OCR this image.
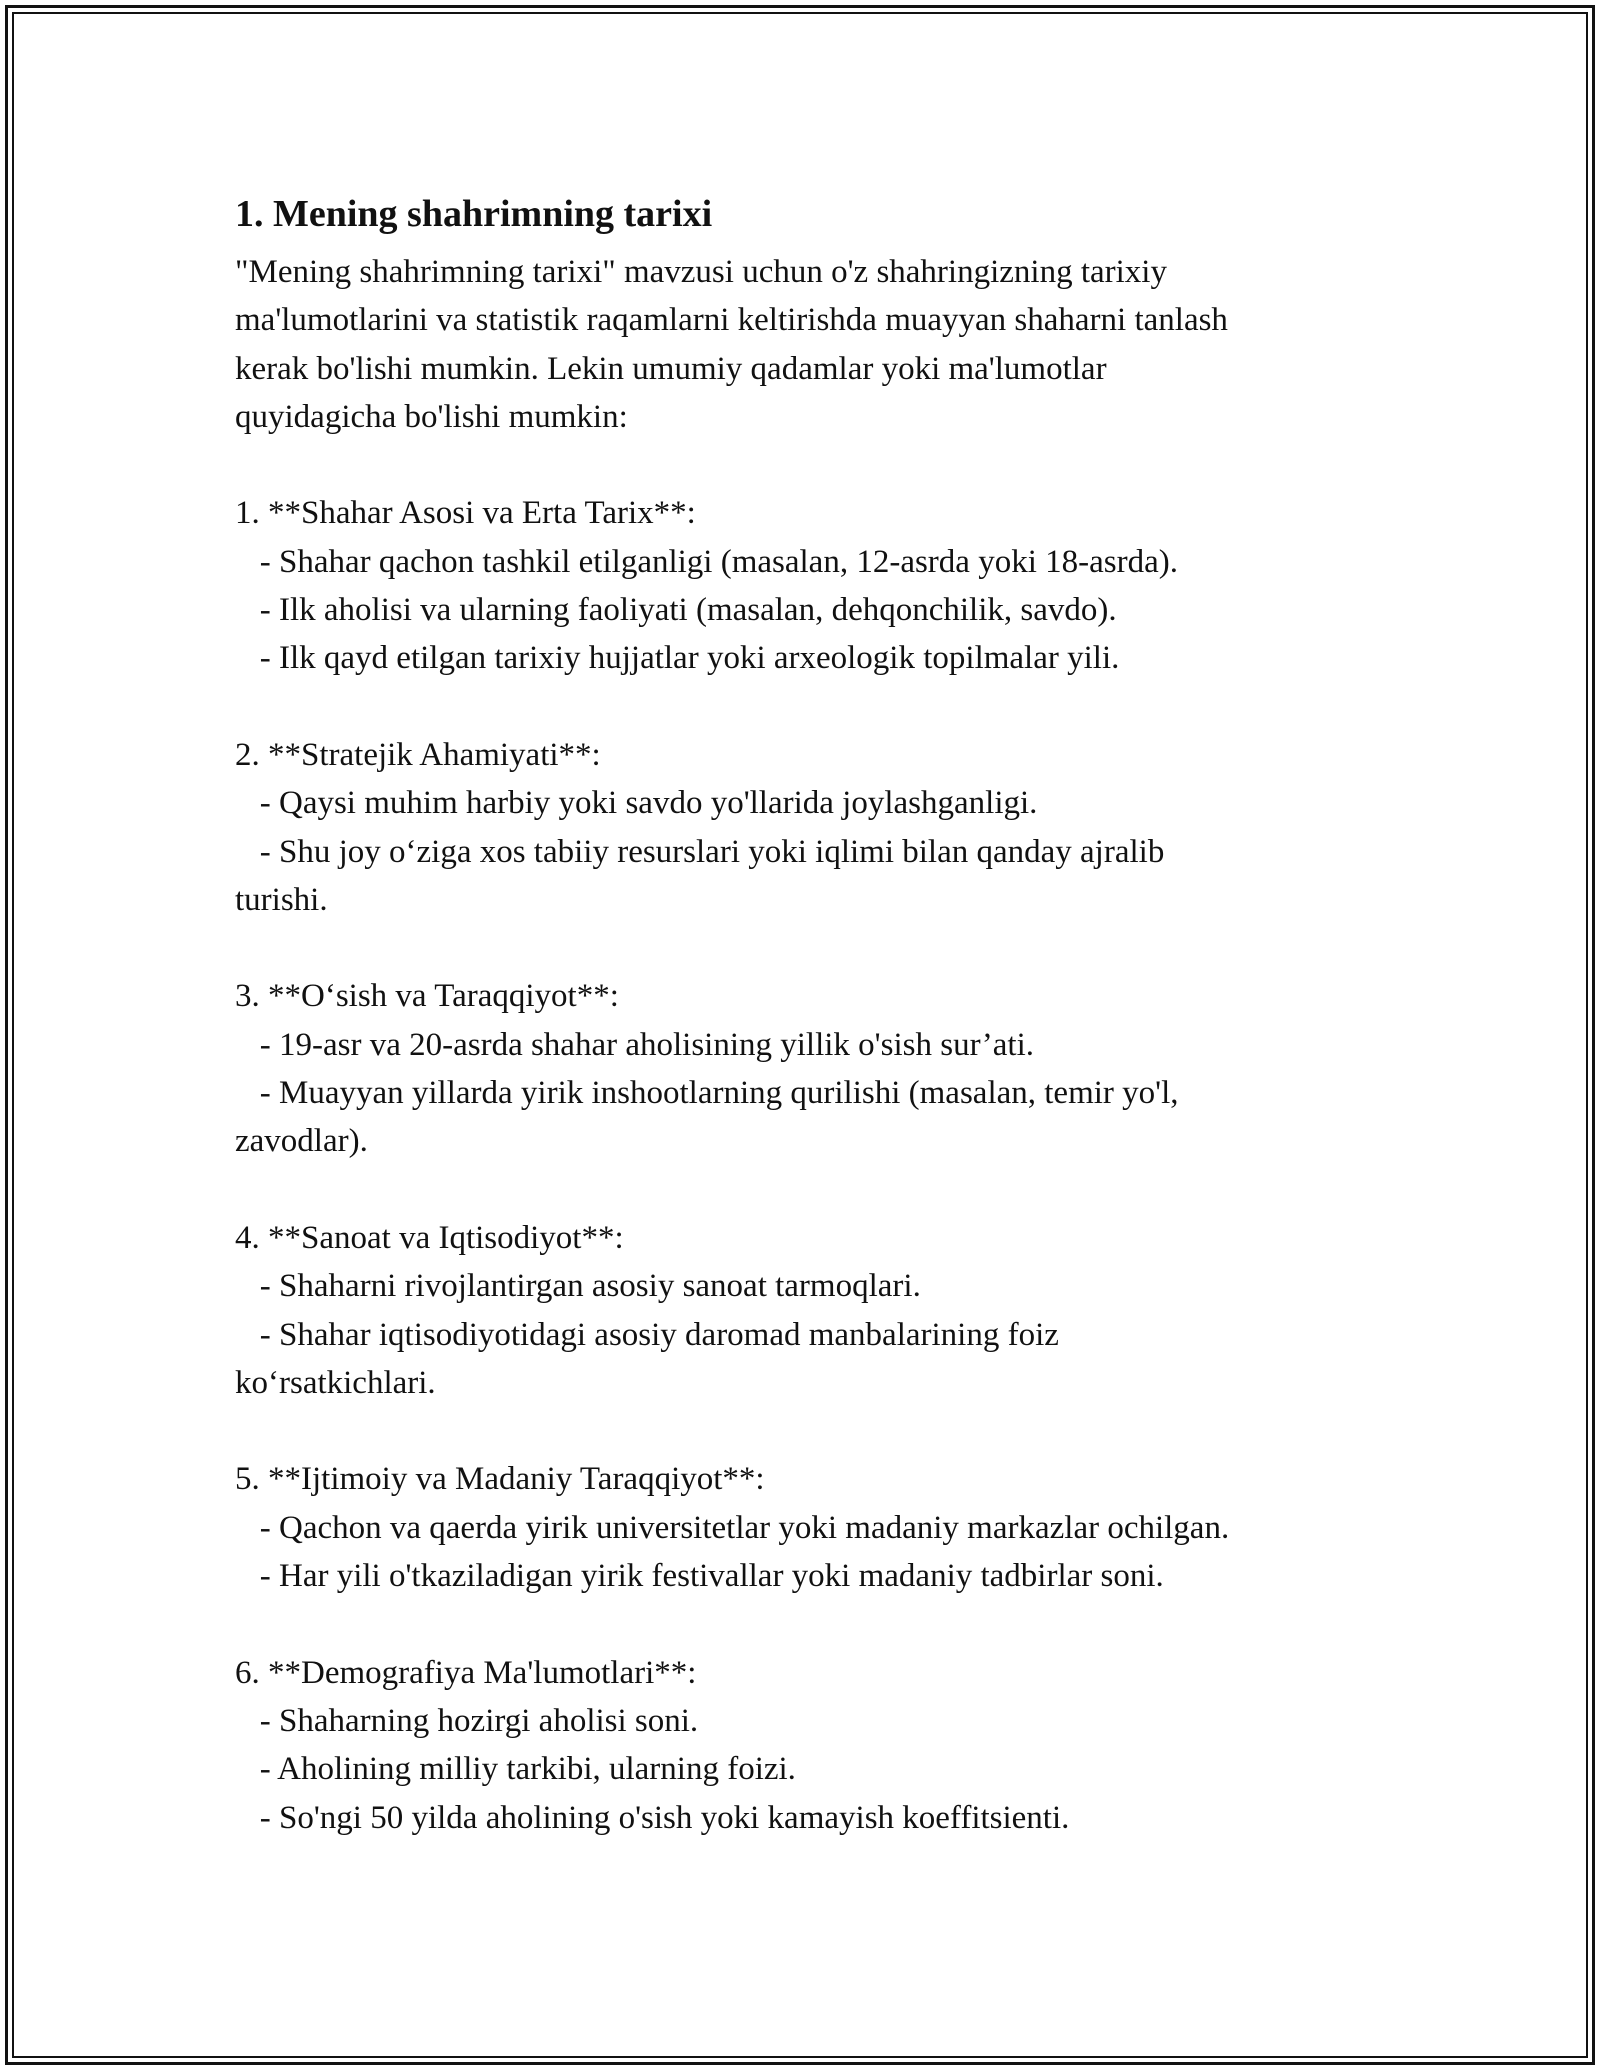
1. Mening shahrimning tarixi

"Mening shahrimning tarixi" mavzusi uchun o'z shahringizning tarixiy

ma'lumotlarini va statistik raqamlarni keltirishda muayyan shaharni tanlash

kerak bo'lishi mumkin. Lekin umumiy qadamlar yoki ma'lumotlar

quyidagicha bo'lishi mumkin:

1. **Shahar Asosi va Erta Tarix**:

- Shahar qachon tashkil etilganligi (masalan, 12-asrda yoki 18-asrda).

- Ilk aholisi va ularning faoliyati (masalan, dehqonchilik, savdo).

- Ilk qayd etilgan tarixiy hujjatlar yoki arxeologik topilmalar yili.

2. **Stratejik Ahamiyati**:

- Qaysi muhim harbiy yoki savdo yo'llarida joylashganligi.

- Shu joy o‘ziga xos tabiiy resurslari yoki iqlimi bilan qanday ajralib

turishi.

3. **O‘sish va Taraqqiyot**:

- 19-asr va 20-asrda shahar aholisining yillik o'sish sur’ati.

- Muayyan yillarda yirik inshootlarning qurilishi (masalan, temir yo'l,

zavodlar).

4. **Sanoat va Iqtisodiyot**:

- Shaharni rivojlantirgan asosiy sanoat tarmoqlari.

- Shahar iqtisodiyotidagi asosiy daromad manbalarining foiz

ko‘rsatkichlari.

5. **Ijtimoiy va Madaniy Taraqqiyot**:

- Qachon va qaerda yirik universitetlar yoki madaniy markazlar ochilgan.

- Har yili o'tkaziladigan yirik festivallar yoki madaniy tadbirlar soni.

6. **Demografiya Ma'lumotlari**:

- Shaharning hozirgi aholisi soni.

- Aholining milliy tarkibi, ularning foizi.

- So'ngi 50 yilda aholining o'sish yoki kamayish koeffitsienti.
